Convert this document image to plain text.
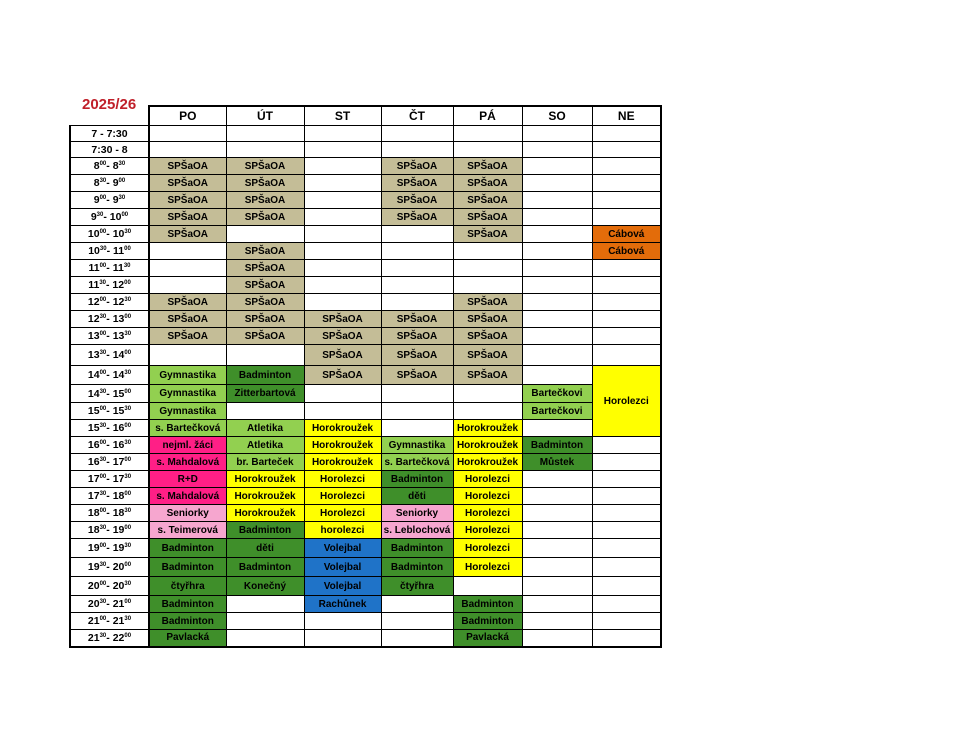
2025/26
	PO	ÚT	ST	ČT	PÁ	SO	NE
7 - 7:30							
7:30 - 8							
$8^{00}-$ $8^{30}$	SPŠaOA	SPŠaOA		SPŠaOA	SPŠaOA		
$8^{30}-$ $9^{00}$	SPŠaOA	SPŠaOA		SPŠaOA	SPŠaOA		
$9^{00}-$ $9^{30}$	SPŠaOA	SPŠaOA		SPŠaOA	SPŠaOA		
$9^{30}-$ $10^{00}$	SPŠaOA	SPŠaOA		SPŠaOA	SPŠaOA		
$10^{00}-$ $10^{30}$	SPŠaOA				SPŠaOA		Cábová
$10^{30}-$ $11^{00}$		SPŠaOA					Cábová
$11^{00}-$ $11^{30}$		SPŠaOA					
$11^{30}-$ $12^{00}$		SPŠaOA					
$12^{00}-$ $12^{30}$	SPŠaOA	SPŠaOA			SPŠaOA		
$12^{30}-$ $13^{00}$	SPŠaOA	SPŠaOA	SPŠaOA	SPŠaOA	SPŠaOA		
$13^{00}-$ $13^{30}$	SPŠaOA	SPŠaOA	SPŠaOA	SPŠaOA	SPŠaOA		
$13^{30}-$ $14^{00}$			SPŠaOA	SPŠaOA	SPŠaOA		
$14^{00}-$ $14^{30}$	Gymnastika	Badminton	SPŠaOA	SPŠaOA	SPŠaOA		Horolezci
$14^{30}-$ $15^{00}$	Gymnastika	Zitterbartová				Bartečkovi	
$15^{00}-$ $15^{30}$	Gymnastika					Bartečkovi	
$15^{30}-$ $16^{00}$	s. Bartečková	Atletika	Horokroužek		Horokroužek		
$16^{00}-$ $16^{30}$	nejml. žáci	Atletika	Horokroužek	Gymnastika	Horokroužek	Badminton	
$16^{30}-$ $17^{00}$	s. Mahdalová	br. Barteček	Horokroužek	s. Bartečková	Horokroužek	Můstek	
$17^{00}-$ $17^{30}$	R+D	Horokroužek	Horolezci	Badminton	Horolezci		
$17^{30}-$ $18^{00}$	s. Mahdalová	Horokroužek	Horolezci	děti	Horolezci		
$18^{00}-$ $18^{30}$	Seniorky	Horokroužek	Horolezci	Seniorky	Horolezci		
$18^{30}-$ $19^{00}$	s. Teimerová	Badminton	horolezci	s. Leblochová	Horolezci		
$19^{00}-$ $19^{30}$	Badminton	děti	Volejbal	Badminton	Horolezci		
$19^{30}-$ $20^{00}$	Badminton	Badminton	Volejbal	Badminton	Horolezci		
$20^{00}-$ $20^{30}$	čtyřhra	Konečný	Volejbal	čtyřhra			
$20^{30}-$ $21^{00}$	Badminton		Rachůnek		Badminton		
$21^{00}-$ $21^{30}$	Badminton				Badminton		
$21^{30}-$ $22^{00}$	Pavlacká				Pavlacká		
